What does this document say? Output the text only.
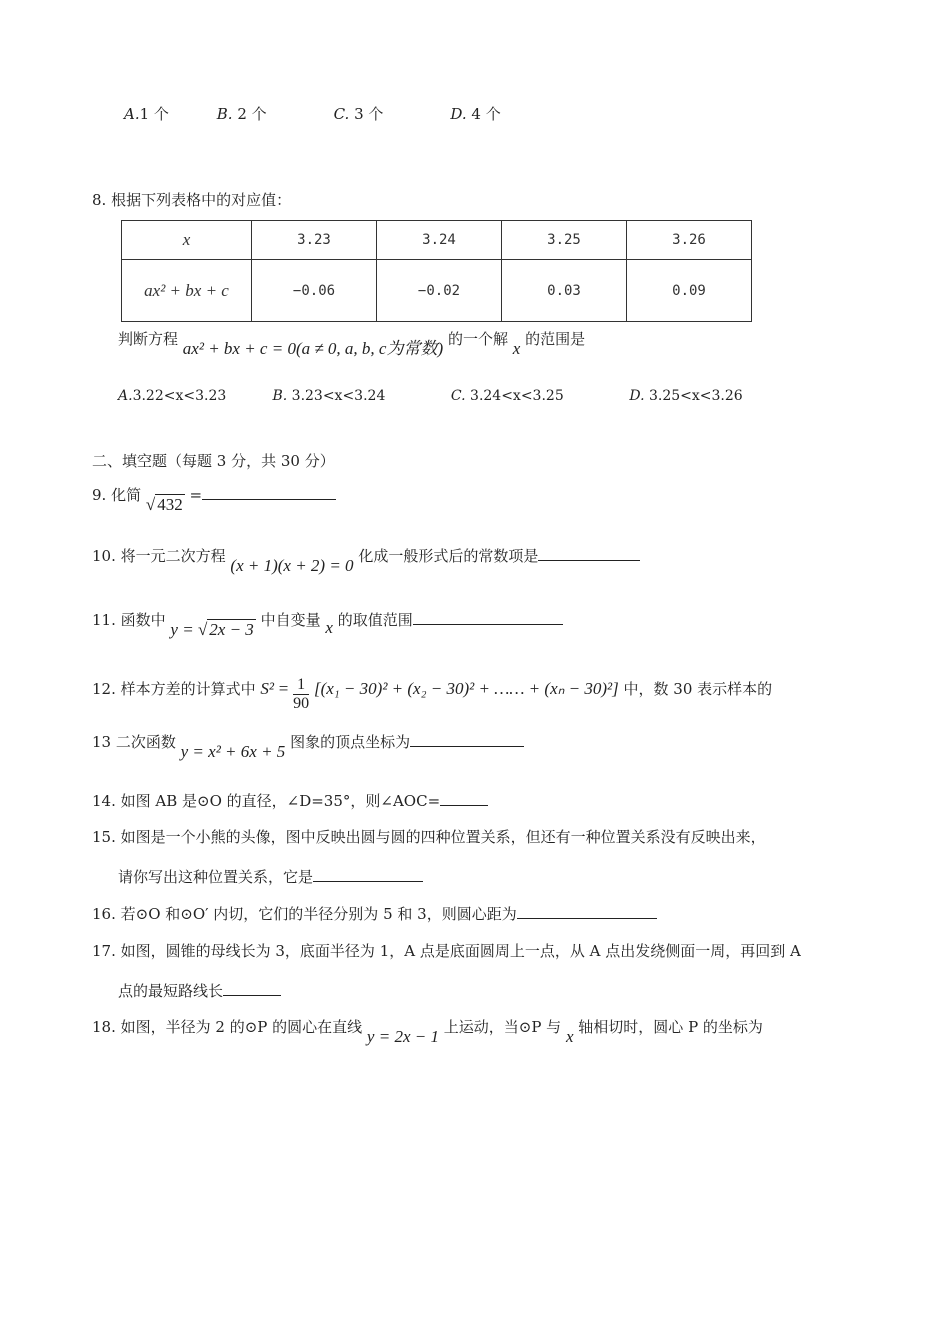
A.1 个	B. 2 个	C. 3 个	D. 4 个
8. 根据下列表格中的对应值：
x	3.23	3.24	3.25	3.26
ax² + bx + c	−0.06	−0.02	0.03	0.09
判断方程 ax² + bx + c = 0(a ≠ 0, a, b, c为常数) 的一个解 x 的范围是
A.3.22<x<3.23	B. 3.23<x<3.24	C. 3.24<x<3.25	D. 3.25<x<3.26
二、填空题（每题 3 分，共 30 分）
9. 化简 √ 432 =
10. 将一元二次方程 (x + 1)(x + 2) = 0 化成一般形式后的常数项是
11. 函数中 y = √ 2x − 3 中自变量 x 的取值范围
12. 样本方差的计算式中 $S^2 = \frac{1}{90} [(x_1 - 30)^2 + (x_2 - 30)^2$ + …… + (xₙ − 30)²] 中，数 30 表示样本的
13 二次函数 y = x² + 6x + 5 图象的顶点坐标为
14. 如图 AB 是⊙O 的直径，∠D=35°，则∠AOC=
15. 如图是一个小熊的头像，图中反映出圆与圆的四种位置关系，但还有一种位置关系没有反映出来，
请你写出这种位置关系，它是
16. 若⊙O 和⊙O′ 内切，它们的半径分别为 5 和 3，则圆心距为
17. 如图，圆锥的母线长为 3，底面半径为 1，A 点是底面圆周上一点，从 A 点出发绕侧面一周，再回到 A
点的最短路线长
18. 如图，半径为 2 的⊙P 的圆心在直线 y = 2x − 1 上运动，当⊙P 与 x 轴相切时，圆心 P 的坐标为
